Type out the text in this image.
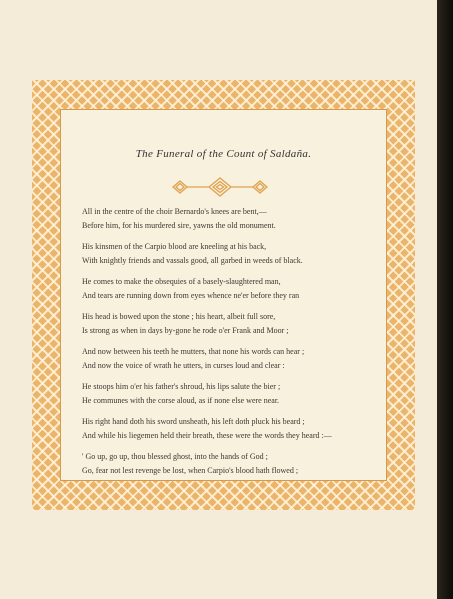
The Funeral of the Count of Saldaña.
All in the centre of the choir Bernardo's knees are bent,—
Before him, for his murdered sire, yawns the old monument.
His kinsmen of the Carpio blood are kneeling at his back,
With knightly friends and vassals good, all garbed in weeds of black.
He comes to make the obsequies of a basely-slaughtered man,
And tears are running down from eyes whence ne'er before they ran
His head is bowed upon the stone ; his heart, albeit full sore,
Is strong as when in days by-gone he rode o'er Frank and Moor ;
And now between his teeth he mutters, that none his words can hear ;
And now the voice of wrath he utters, in curses loud and clear :
He stoops him o'er his father's shroud, his lips salute the bier ;
He communes with the corse aloud, as if none else were near.
His right hand doth his sword unsheath, his left doth pluck his beard ;
And while his liegemen held their breath, these were the words they heard :—
' Go up, go up, thou blessed ghost, into the hands of God ;
Go, fear not lest revenge be lost, when Carpio's blood hath flowed ;
